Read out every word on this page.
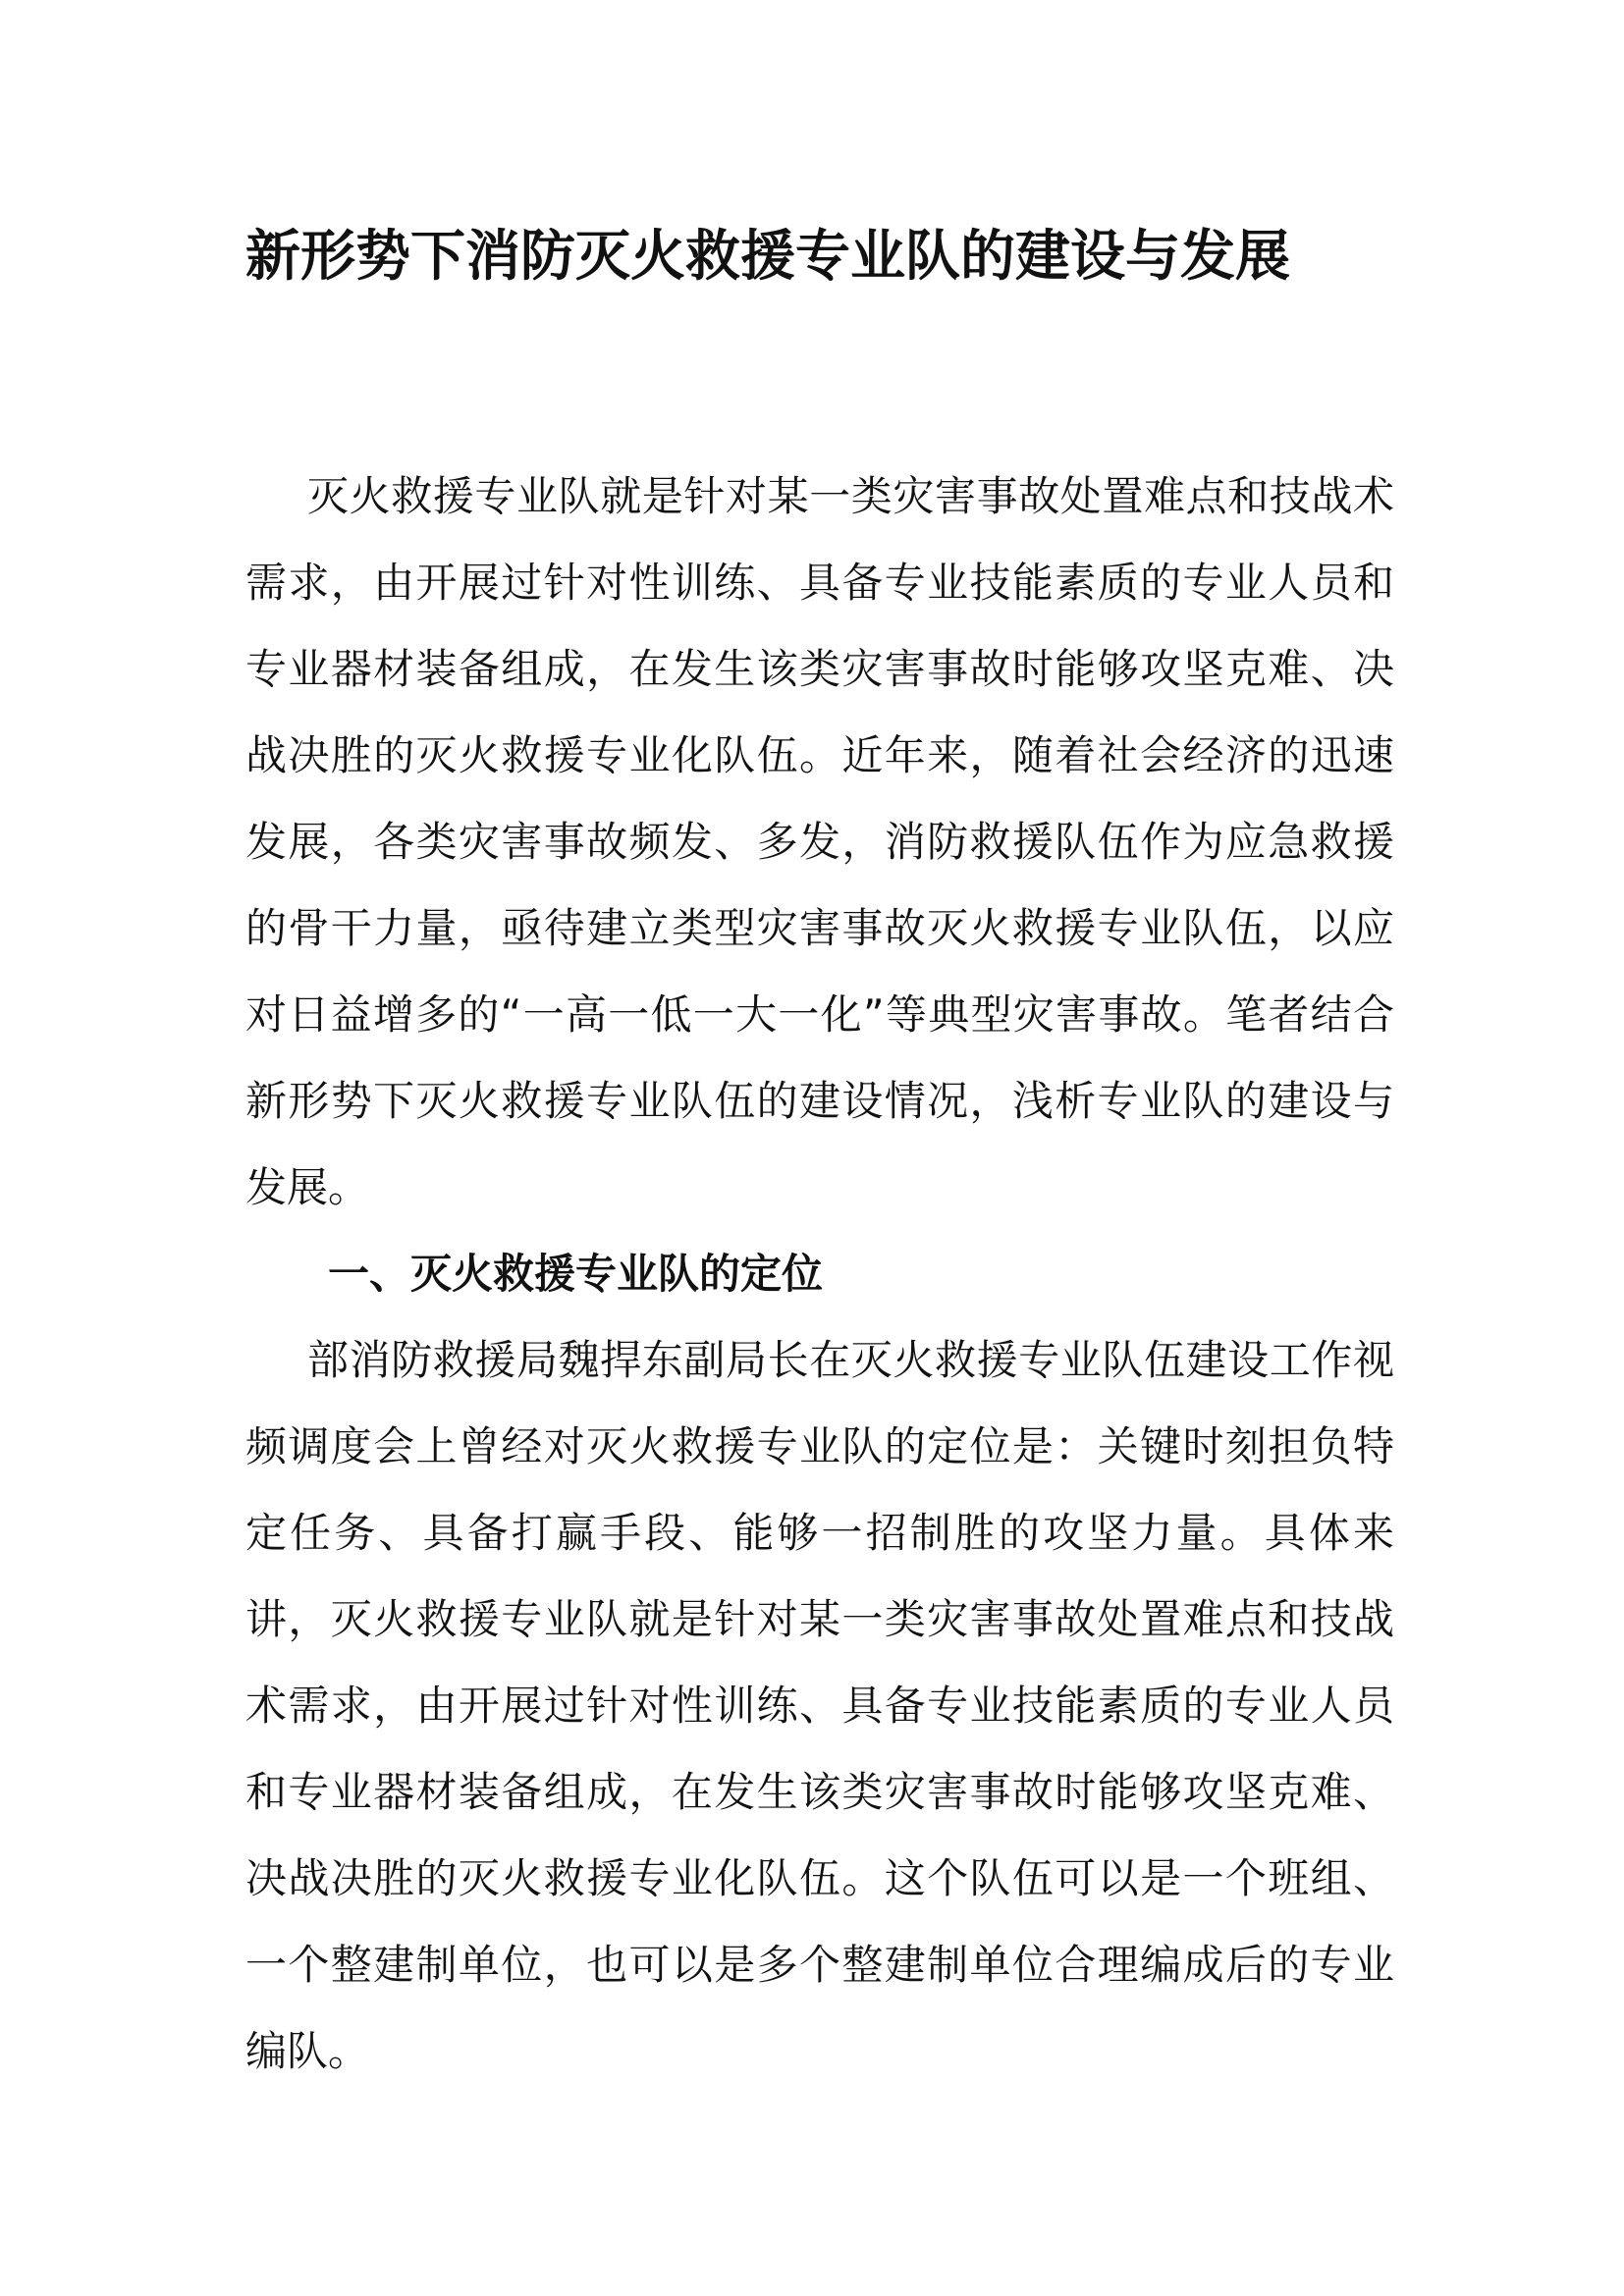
新形势下消防灭火救援专业队的建设与发展

灭火救援专业队就是针对某一类灾害事故处置难点和技战术需求，由开展过针对性训练、具备专业技能素质的专业人员和专业器材装备组成，在发生该类灾害事故时能够攻坚克难、决战决胜的灭火救援专业化队伍。近年来，随着社会经济的迅速发展，各类灾害事故频发、多发，消防救援队伍作为应急救援的骨干力量，亟待建立类型灾害事故灭火救援专业队伍，以应对日益增多的“一高一低一大一化”等典型灾害事故。笔者结合新形势下灭火救援专业队伍的建设情况，浅析专业队的建设与发展。

一、灭火救援专业队的定位

部消防救援局魏捍东副局长在灭火救援专业队伍建设工作视频调度会上曾经对灭火救援专业队的定位是：关键时刻担负特定任务、具备打赢手段、能够一招制胜的攻坚力量。具体来讲，灭火救援专业队就是针对某一类灾害事故处置难点和技战术需求，由开展过针对性训练、具备专业技能素质的专业人员和专业器材装备组成，在发生该类灾害事故时能够攻坚克难、决战决胜的灭火救援专业化队伍。这个队伍可以是一个班组、一个整建制单位，也可以是多个整建制单位合理编成后的专业编队。
